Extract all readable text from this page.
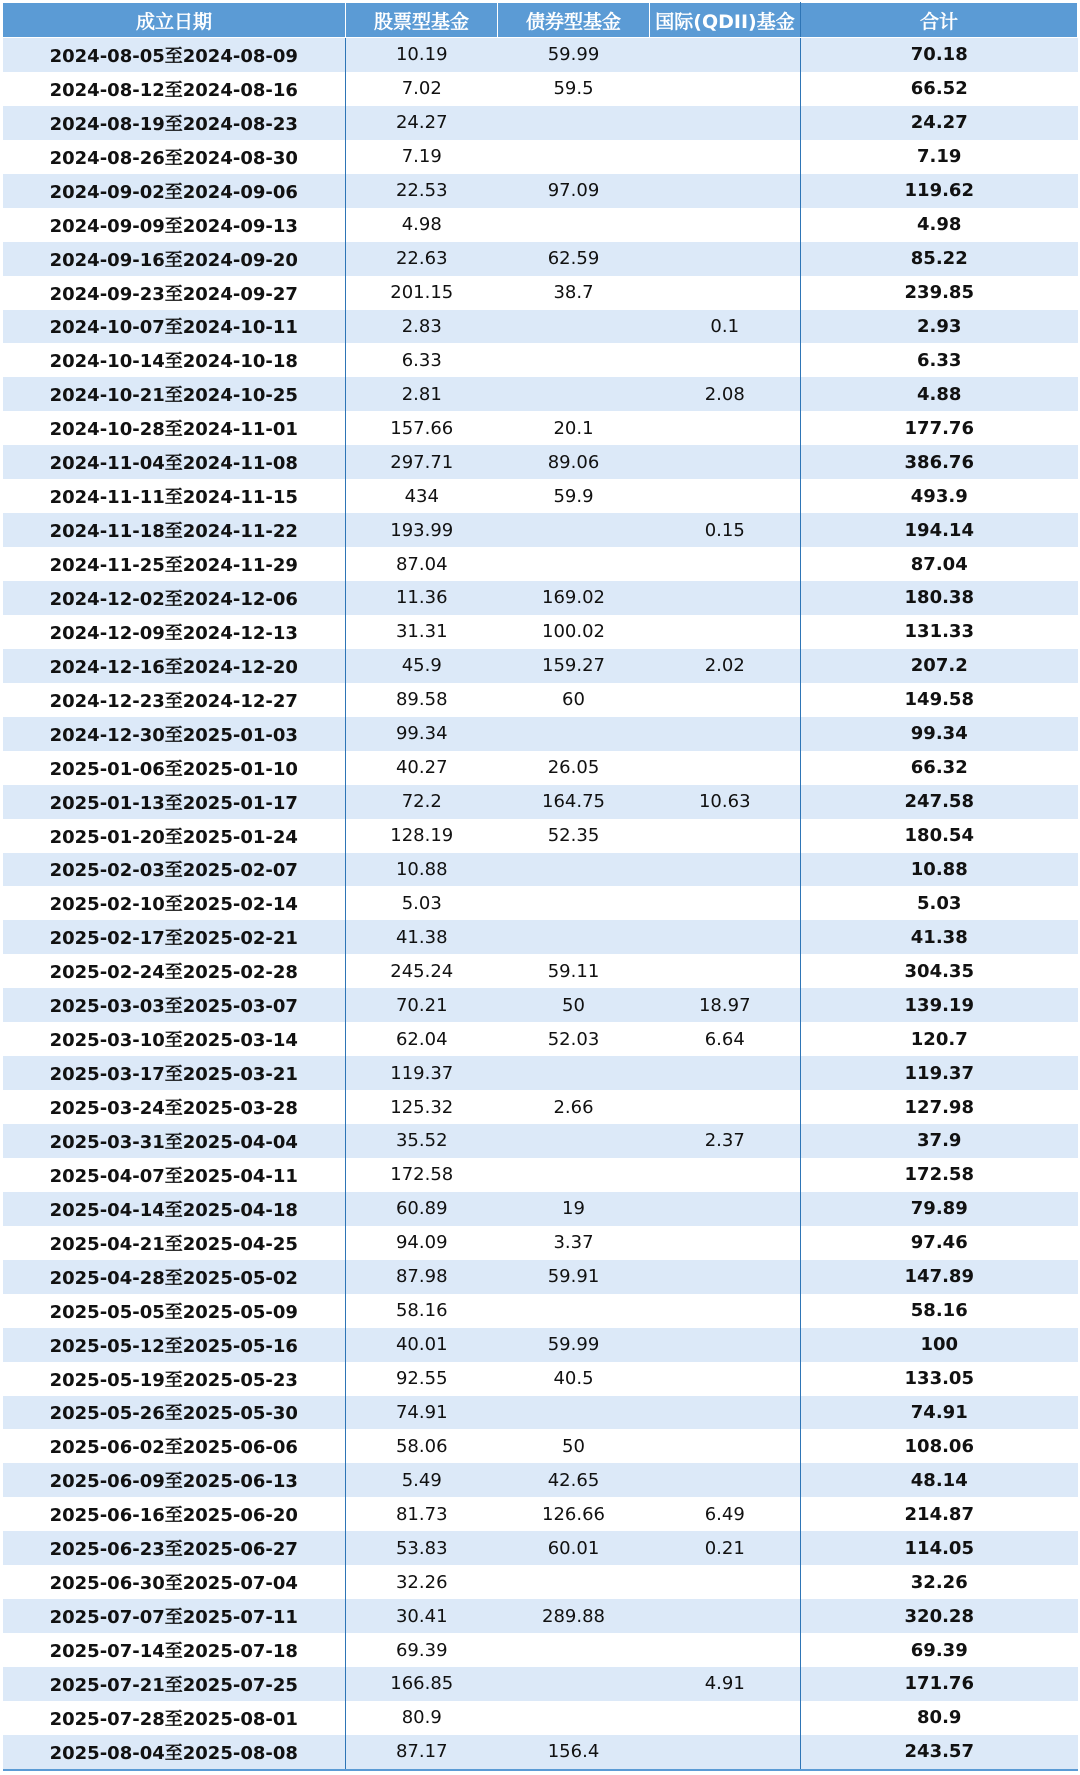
成立日期	股票型基金	债券型基金	国际(QDII)基金	合计
2024-08-05至2024-08-09	10.19	59.99		70.18
2024-08-12至2024-08-16	7.02	59.5		66.52
2024-08-19至2024-08-23	24.27			24.27
2024-08-26至2024-08-30	7.19			7.19
2024-09-02至2024-09-06	22.53	97.09		119.62
2024-09-09至2024-09-13	4.98			4.98
2024-09-16至2024-09-20	22.63	62.59		85.22
2024-09-23至2024-09-27	201.15	38.7		239.85
2024-10-07至2024-10-11	2.83		0.1	2.93
2024-10-14至2024-10-18	6.33			6.33
2024-10-21至2024-10-25	2.81		2.08	4.88
2024-10-28至2024-11-01	157.66	20.1		177.76
2024-11-04至2024-11-08	297.71	89.06		386.76
2024-11-11至2024-11-15	434	59.9		493.9
2024-11-18至2024-11-22	193.99		0.15	194.14
2024-11-25至2024-11-29	87.04			87.04
2024-12-02至2024-12-06	11.36	169.02		180.38
2024-12-09至2024-12-13	31.31	100.02		131.33
2024-12-16至2024-12-20	45.9	159.27	2.02	207.2
2024-12-23至2024-12-27	89.58	60		149.58
2024-12-30至2025-01-03	99.34			99.34
2025-01-06至2025-01-10	40.27	26.05		66.32
2025-01-13至2025-01-17	72.2	164.75	10.63	247.58
2025-01-20至2025-01-24	128.19	52.35		180.54
2025-02-03至2025-02-07	10.88			10.88
2025-02-10至2025-02-14	5.03			5.03
2025-02-17至2025-02-21	41.38			41.38
2025-02-24至2025-02-28	245.24	59.11		304.35
2025-03-03至2025-03-07	70.21	50	18.97	139.19
2025-03-10至2025-03-14	62.04	52.03	6.64	120.7
2025-03-17至2025-03-21	119.37			119.37
2025-03-24至2025-03-28	125.32	2.66		127.98
2025-03-31至2025-04-04	35.52		2.37	37.9
2025-04-07至2025-04-11	172.58			172.58
2025-04-14至2025-04-18	60.89	19		79.89
2025-04-21至2025-04-25	94.09	3.37		97.46
2025-04-28至2025-05-02	87.98	59.91		147.89
2025-05-05至2025-05-09	58.16			58.16
2025-05-12至2025-05-16	40.01	59.99		100
2025-05-19至2025-05-23	92.55	40.5		133.05
2025-05-26至2025-05-30	74.91			74.91
2025-06-02至2025-06-06	58.06	50		108.06
2025-06-09至2025-06-13	5.49	42.65		48.14
2025-06-16至2025-06-20	81.73	126.66	6.49	214.87
2025-06-23至2025-06-27	53.83	60.01	0.21	114.05
2025-06-30至2025-07-04	32.26			32.26
2025-07-07至2025-07-11	30.41	289.88		320.28
2025-07-14至2025-07-18	69.39			69.39
2025-07-21至2025-07-25	166.85		4.91	171.76
2025-07-28至2025-08-01	80.9			80.9
2025-08-04至2025-08-08	87.17	156.4		243.57
